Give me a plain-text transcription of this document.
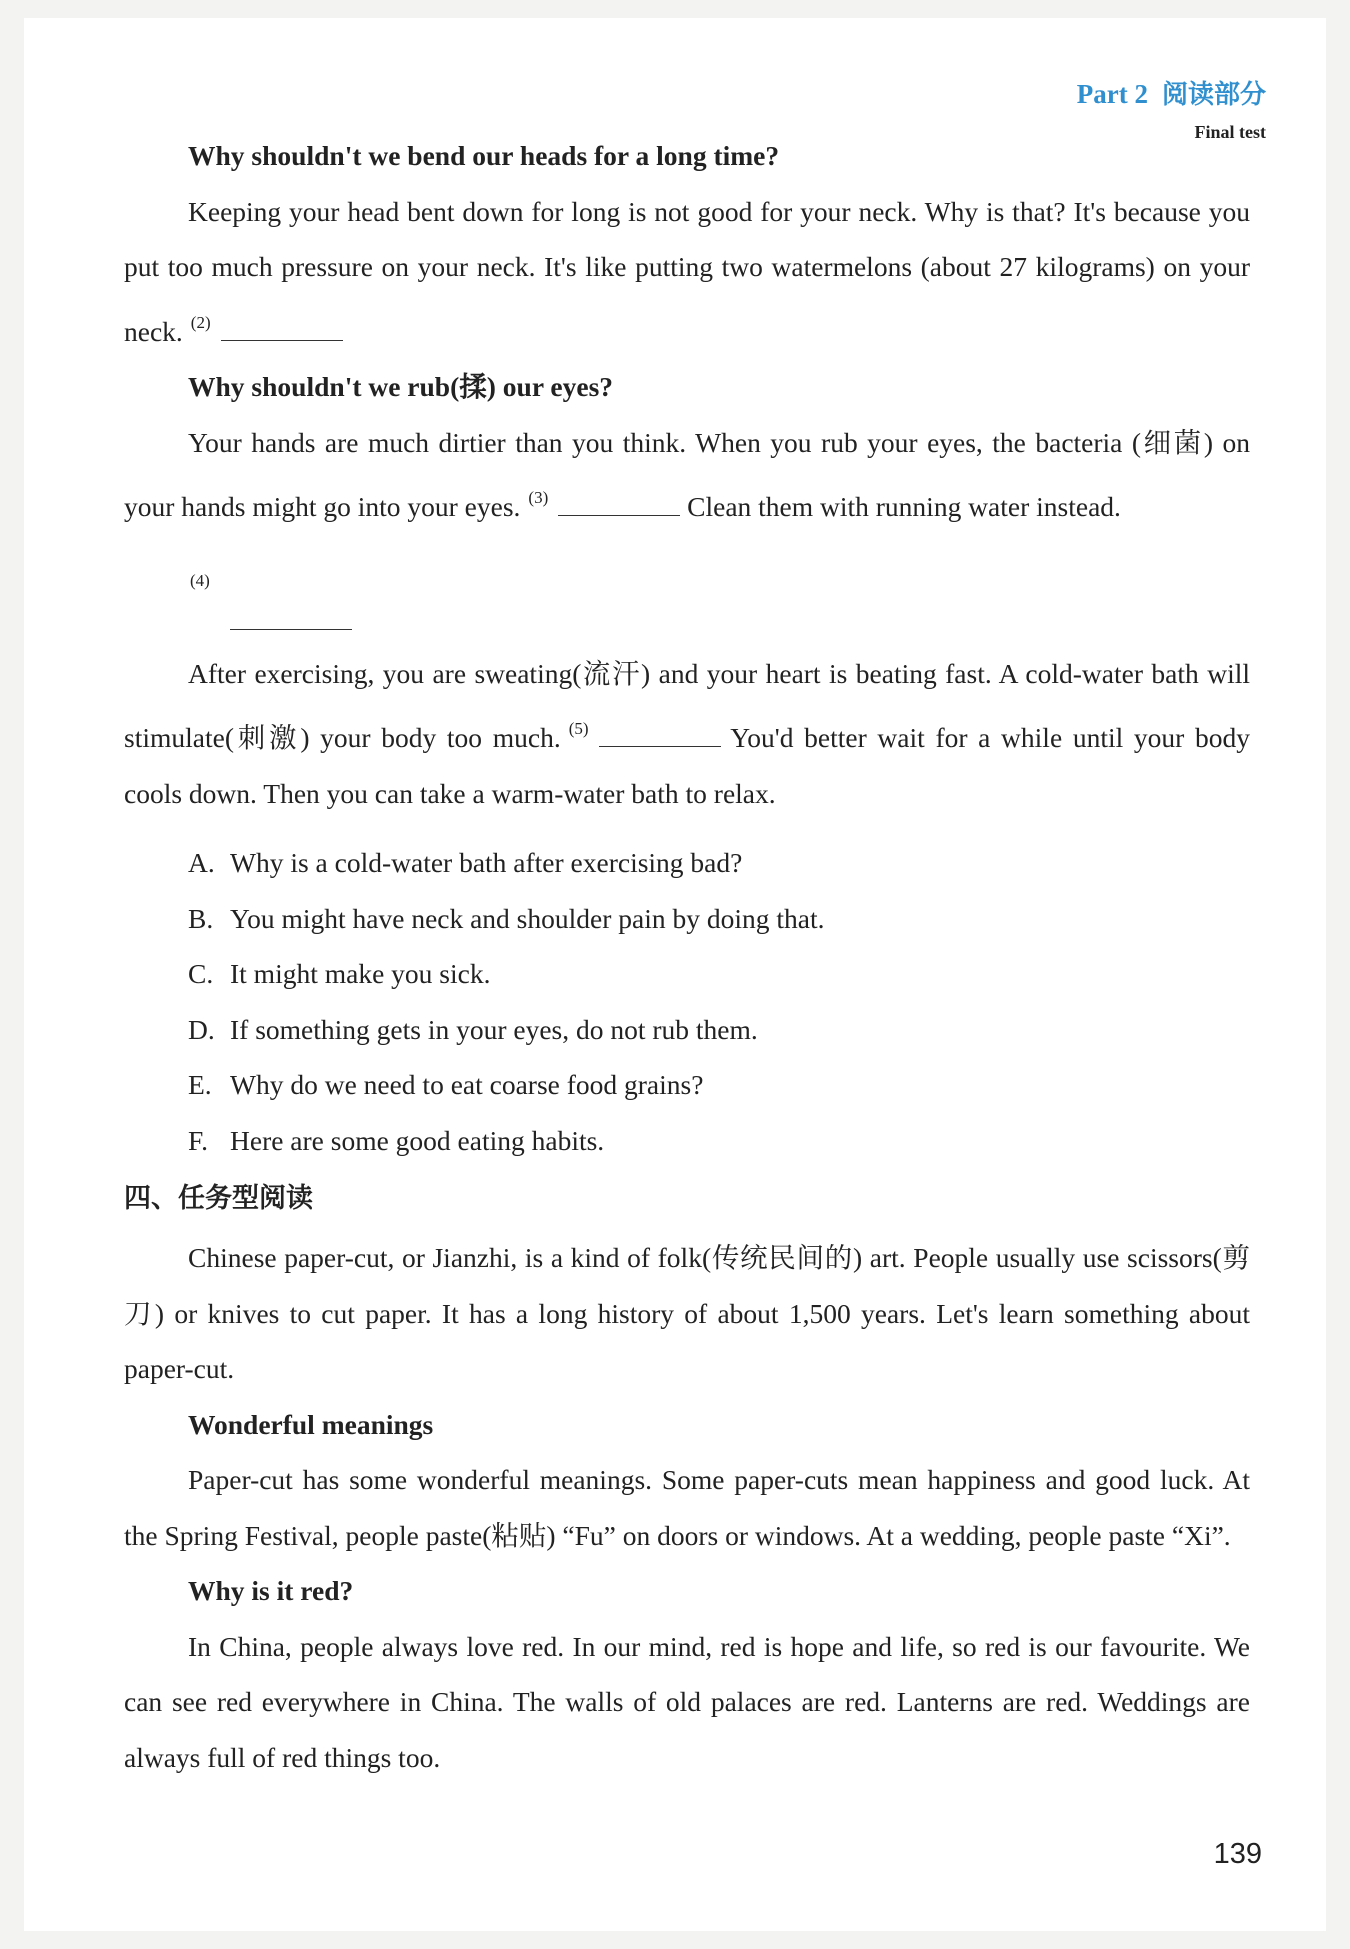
Part 2 阅读部分
Final test

Why shouldn't we bend our heads for a long time?

Keeping your head bent down for long is not good for your neck. Why is that? It's because you put too much pressure on your neck. It's like putting two watermelons (about 27 kilograms) on your neck. $^{(2)}$

Why shouldn't we rub(揉) our eyes?

Your hands are much dirtier than you think. When you rub your eyes, the bacteria (细菌) on your hands might go into your eyes. $^{(3)}$	Clean them with running water instead.

(4)

After exercising, you are sweating(流汗) and your heart is beating fast. A cold-water bath will stimulate(刺激) your body too much. $^{(5)}$	You'd better wait for a while until your body cools down. Then you can take a warm-water bath to relax.

A. Why is a cold-water bath after exercising bad?

B. You might have neck and shoulder pain by doing that.

C. It might make you sick.

D. If something gets in your eyes, do not rub them.

E. Why do we need to eat coarse food grains?

F. Here are some good eating habits.

四、任务型阅读

Chinese paper-cut, or Jianzhi, is a kind of folk(传统民间的) art. People usually use scissors(剪刀) or knives to cut paper. It has a long history of about 1,500 years. Let's learn something about paper-cut.

Wonderful meanings

Paper-cut has some wonderful meanings. Some paper-cuts mean happiness and good luck. At the Spring Festival, people paste(粘贴) “Fu” on doors or windows. At a wedding, people paste “Xi”.

Why is it red?

In China, people always love red. In our mind, red is hope and life, so red is our favourite. We can see red everywhere in China. The walls of old palaces are red. Lanterns are red. Weddings are always full of red things too.

139
